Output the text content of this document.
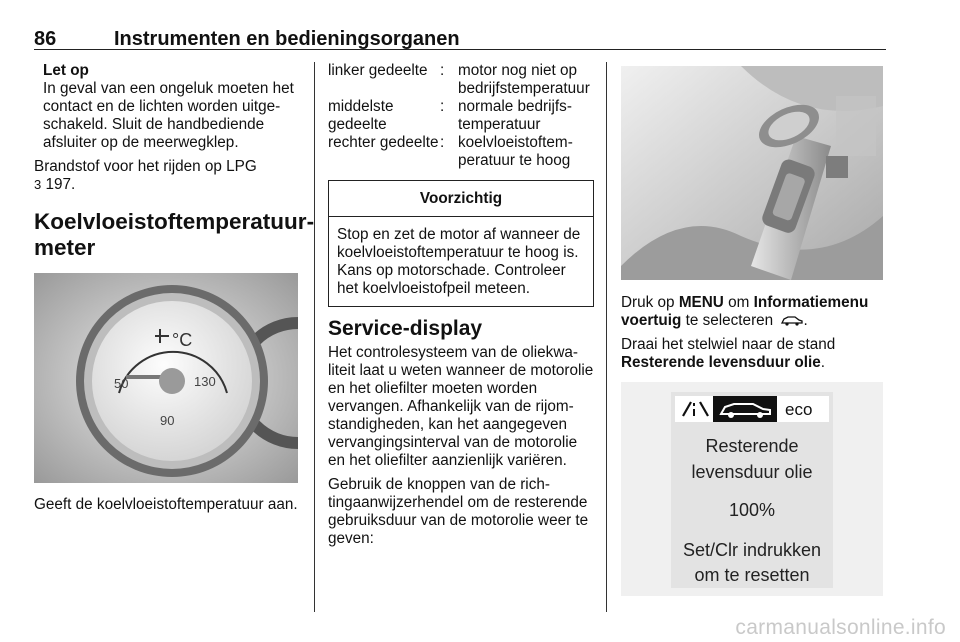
86	Instrumenten en bedieningsorganen

Let op

In geval van een ongeluk moeten het contact en de lichten worden uitgeschakeld. Sluit de handbediende afsluiter op de meerwegklep.

Brandstof voor het rijden op LPG
3 197.

Koelvloeistoftemperatuurmeter

°C
50	130
90

Geeft de koelvloeistoftemperatuur aan.

linker gedeelte : motor nog niet op bedrijfstemperatuur
middelste gedeelte
: normale bedrijfstemperatuur
rechter gedeelte : koelvloeistoftemperatuur te hoog
Voorzichtig
Stop en zet de motor af wanneer de koelvloeistoftemperatuur te hoog is. Kans op motorschade. Controleer het koelvloeistofpeil meteen.

Service-display

Het controlesysteem van de oliekwaliteit laat u weten wanneer de motorolie en het oliefilter moeten worden vervangen. Afhankelijk van de rijomstandigheden, kan het aangegeven vervangingsinterval van de motorolie en het oliefilter aanzienlijk variëren.

Gebruik de knoppen van de richtingaanwijzerhendel om de resterende gebruiksduur van de motorolie weer te geven:

Druk op MENU om Informatiemenu voertuig te selecteren .

Draai het stelwiel naar de stand Resterende levensduur olie.

eco
Resterende
levensduur olie
100%
Set/Clr indrukken
om te resetten
carmanualsonline.info
